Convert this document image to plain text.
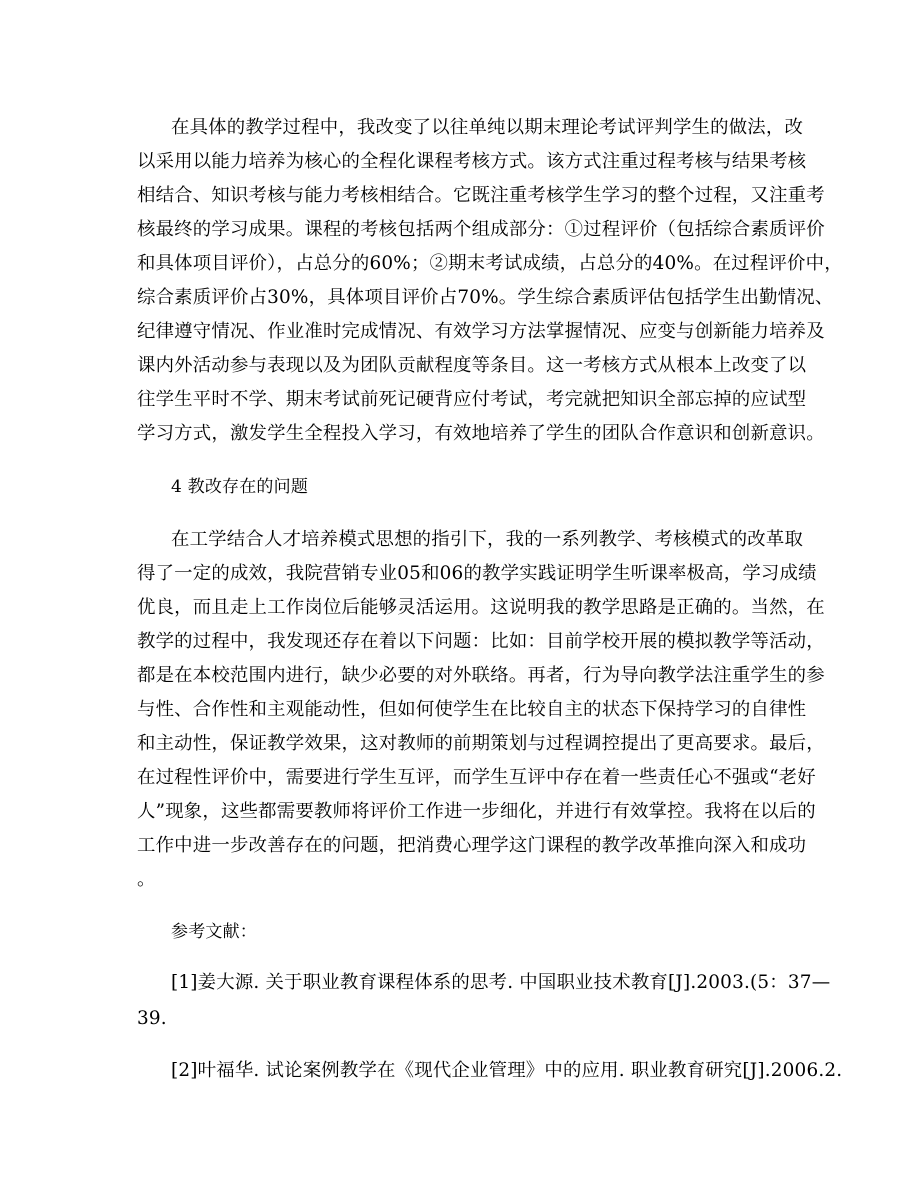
在具体的教学过程中，我改变了以往单纯以期末理论考试评判学生的做法，改

以采用以能力培养为核心的全程化课程考核方式。该方式注重过程考核与结果考核

相结合、知识考核与能力考核相结合。它既注重考核学生学习的整个过程，又注重考

核最终的学习成果。课程的考核包括两个组成部分：①过程评价（包括综合素质评价

和具体项目评价），占总分的60%；②期末考试成绩，占总分的40%。在过程评价中，

综合素质评价占30%，具体项目评价占70%。学生综合素质评估包括学生出勤情况、

纪律遵守情况、作业准时完成情况、有效学习方法掌握情况、应变与创新能力培养及

课内外活动参与表现以及为团队贡献程度等条目。这一考核方式从根本上改变了以

往学生平时不学、期末考试前死记硬背应付考试，考完就把知识全部忘掉的应试型

学习方式，激发学生全程投入学习，有效地培养了学生的团队合作意识和创新意识。

4 教改存在的问题

在工学结合人才培养模式思想的指引下，我的一系列教学、考核模式的改革取

得了一定的成效，我院营销专业05和06的教学实践证明学生听课率极高，学习成绩

优良，而且走上工作岗位后能够灵活运用。这说明我的教学思路是正确的。当然，在

教学的过程中，我发现还存在着以下问题：比如：目前学校开展的模拟教学等活动，

都是在本校范围内进行，缺少必要的对外联络。再者，行为导向教学法注重学生的参

与性、合作性和主观能动性，但如何使学生在比较自主的状态下保持学习的自律性

和主动性，保证教学效果，这对教师的前期策划与过程调控提出了更高要求。最后，

在过程性评价中，需要进行学生互评，而学生互评中存在着一些责任心不强或“老好

人”现象，这些都需要教师将评价工作进一步细化，并进行有效掌控。我将在以后的

工作中进一步改善存在的问题，把消费心理学这门课程的教学改革推向深入和成功

。

参考文献：

[1]姜大源. 关于职业教育课程体系的思考. 中国职业技术教育[J].2003.(5：37—

39.

[2]叶福华. 试论案例教学在《现代企业管理》中的应用. 职业教育研究[J].2006.2.
